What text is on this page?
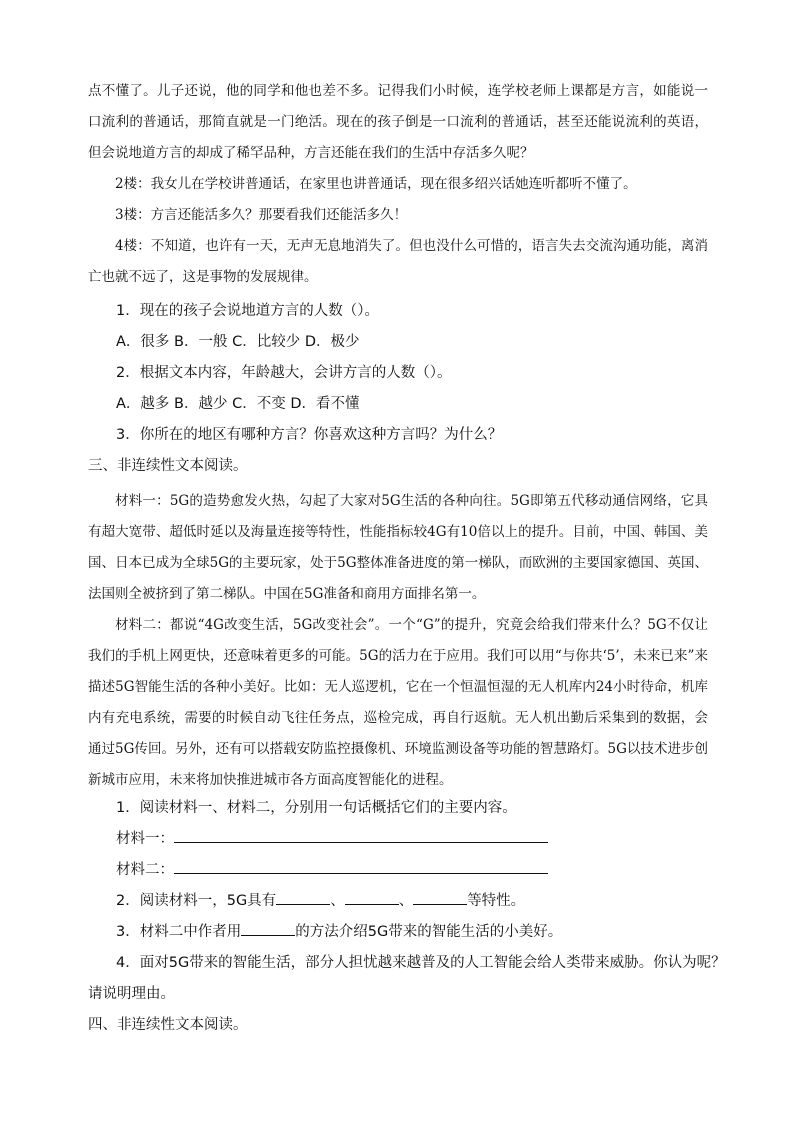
点不懂了。儿子还说，他的同学和他也差不多。记得我们小时候，连学校老师上课都是方言，如能说一口流利的普通话，那简直就是一门绝活。现在的孩子倒是一口流利的普通话，甚至还能说流利的英语，但会说地道方言的却成了稀罕品种，方言还能在我们的生活中存活多久呢？

2楼：我女儿在学校讲普通话，在家里也讲普通话，现在很多绍兴话她连听都听不懂了。

3楼：方言还能活多久？那要看我们还能活多久！

4楼：不知道，也许有一天，无声无息地消失了。但也没什么可惜的，语言失去交流沟通功能，离消亡也就不远了，这是事物的发展规律。

1．现在的孩子会说地道方言的人数（）。

A．很多 B．一般 C．比较少 D．极少

2．根据文本内容，年龄越大，会讲方言的人数（）。

A．越多 B．越少 C．不变 D．看不懂

3．你所在的地区有哪种方言？你喜欢这种方言吗？为什么？

三、非连续性文本阅读。

材料一：5G的造势愈发火热，勾起了大家对5G生活的各种向往。5G即第五代移动通信网络，它具有超大宽带、超低时延以及海量连接等特性，性能指标较4G有10倍以上的提升。目前，中国、韩国、美国、日本已成为全球5G的主要玩家，处于5G整体准备进度的第一梯队，而欧洲的主要国家德国、英国、法国则全被挤到了第二梯队。中国在5G准备和商用方面排名第一。

材料二：都说“4G改变生活，5G改变社会”。一个“G”的提升，究竟会给我们带来什么？5G不仅让我们的手机上网更快，还意味着更多的可能。5G的活力在于应用。我们可以用“与你共‘5’，未来已来”来描述5G智能生活的各种小美好。比如：无人巡逻机，它在一个恒温恒湿的无人机库内24小时待命，机库内有充电系统，需要的时候自动飞往任务点，巡检完成，再自行返航。无人机出勤后采集到的数据，会通过5G传回。另外，还有可以搭载安防监控摄像机、环境监测设备等功能的智慧路灯。5G以技术进步创新城市应用，未来将加快推进城市各方面高度智能化的进程。

1．阅读材料一、材料二，分别用一句话概括它们的主要内容。

材料一：

材料二：

2．阅读材料一，5G具有	、	、	等特性。

3．材料二中作者用	的方法介绍5G带来的智能生活的小美好。

4．面对5G带来的智能生活，部分人担忧越来越普及的人工智能会给人类带来威胁。你认为呢？

请说明理由。

四、非连续性文本阅读。
